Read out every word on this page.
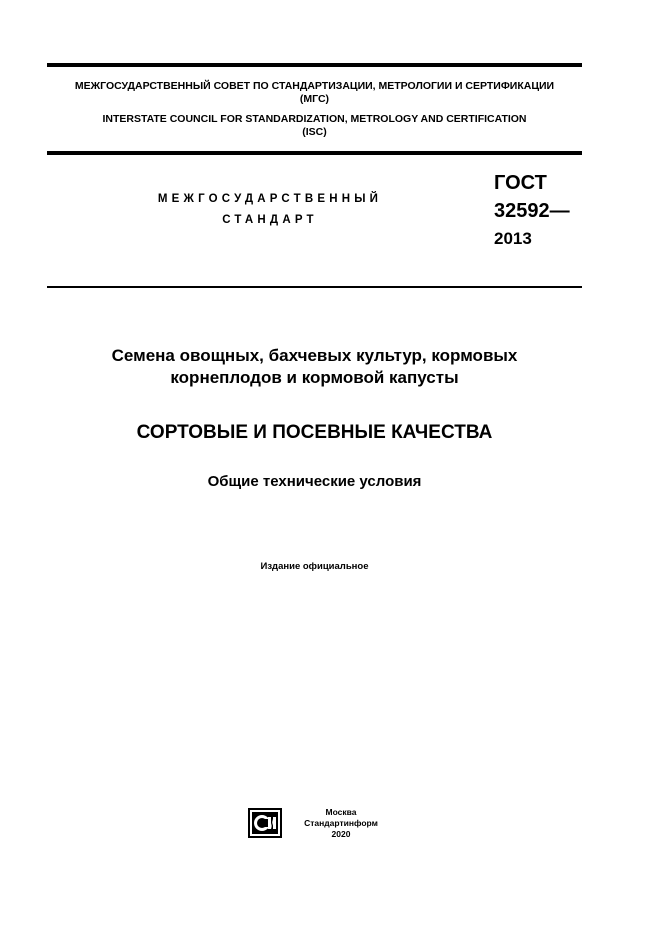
МЕЖГОСУДАРСТВЕННЫЙ СОВЕТ ПО СТАНДАРТИЗАЦИИ, МЕТРОЛОГИИ И СЕРТИФИКАЦИИ
(МГС)
INTERSTATE COUNCIL FOR STANDARDIZATION, METROLOGY AND CERTIFICATION
(ISC)
МЕЖГОСУДАРСТВЕННЫЙ
СТАНДАРТ
ГОСТ
32592—
2013
Семена овощных, бахчевых культур, кормовых
корнеплодов и кормовой капусты
СОРТОВЫЕ И ПОСЕВНЫЕ КАЧЕСТВА
Общие технические условия
Издание официальное
Москва
Стандартинформ
2020
